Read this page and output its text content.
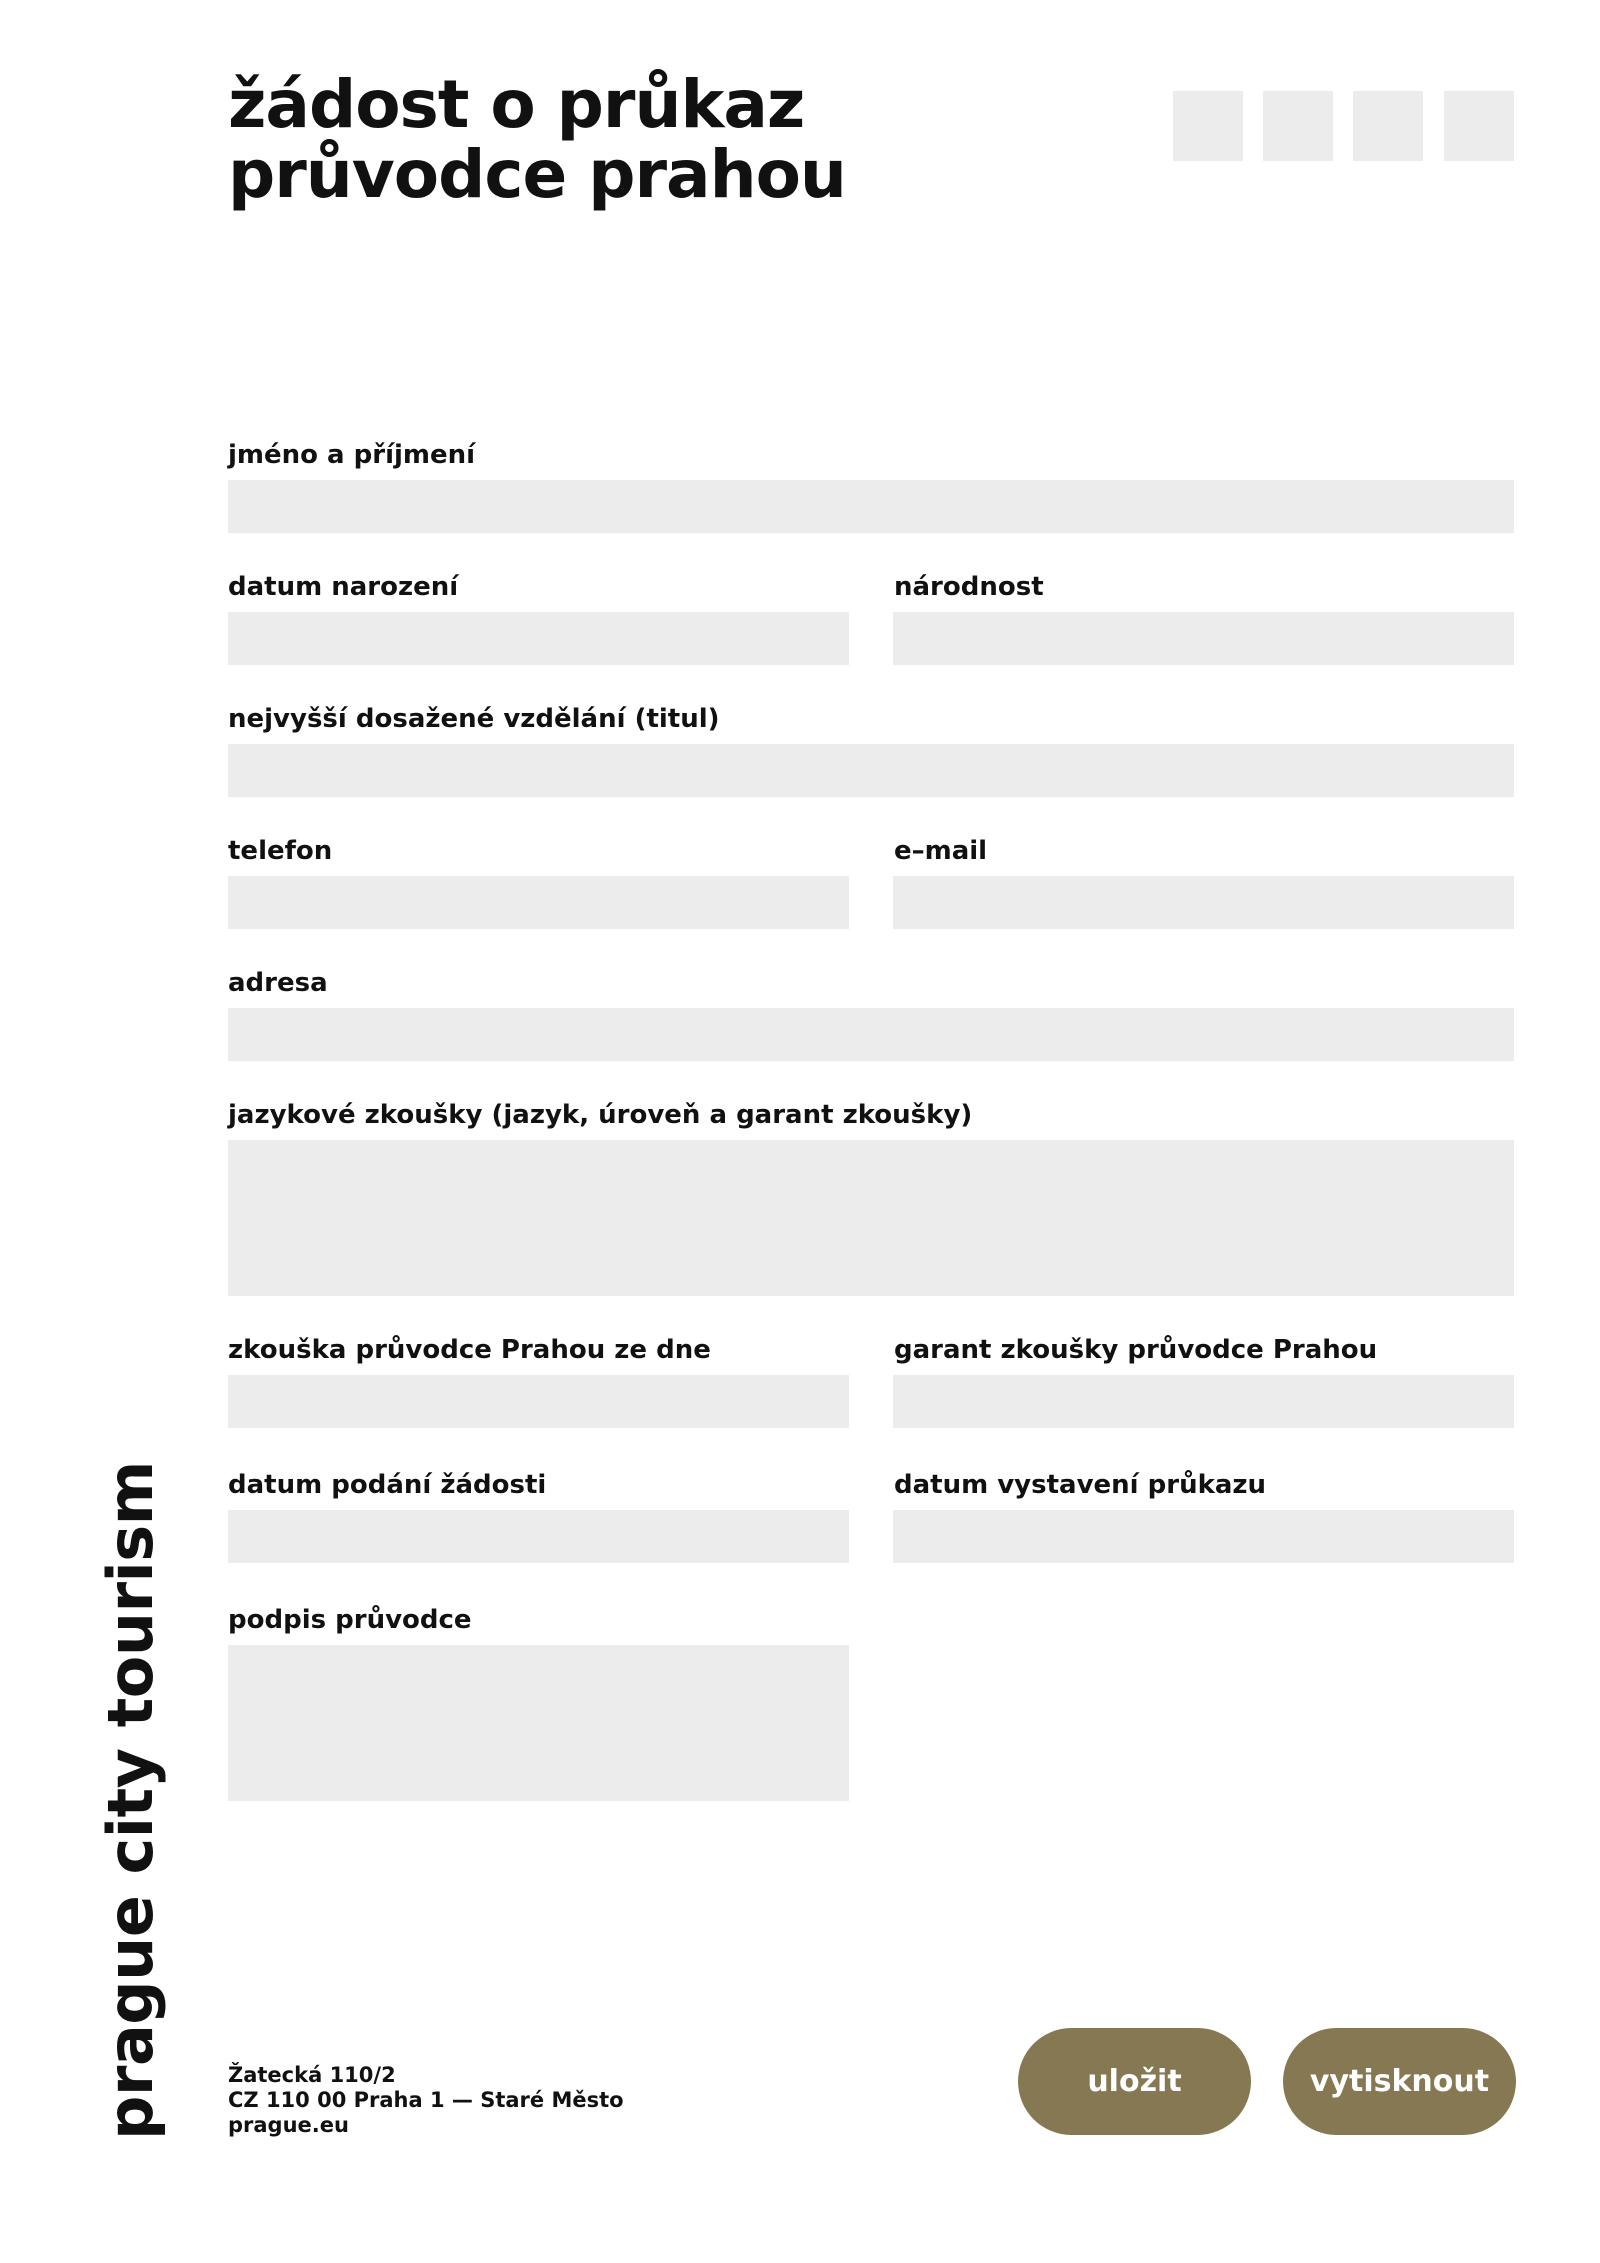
žádost o průkaz
průvodce prahou
jméno a příjmení
datum narození	národnost
nejvyšší dosažené vzdělání (titul)
telefon	e–mail
adresa
jazykové zkoušky (jazyk, úroveň a garant zkoušky)
zkouška průvodce Prahou ze dne	garant zkoušky průvodce Prahou
datum podání žádosti	datum vystavení průkazu
podpis průvodce
prague city tourism	Žatecká 110/2
CZ 110 00 Praha 1 — Staré Město
prague.eu
uložit	vytisknout
